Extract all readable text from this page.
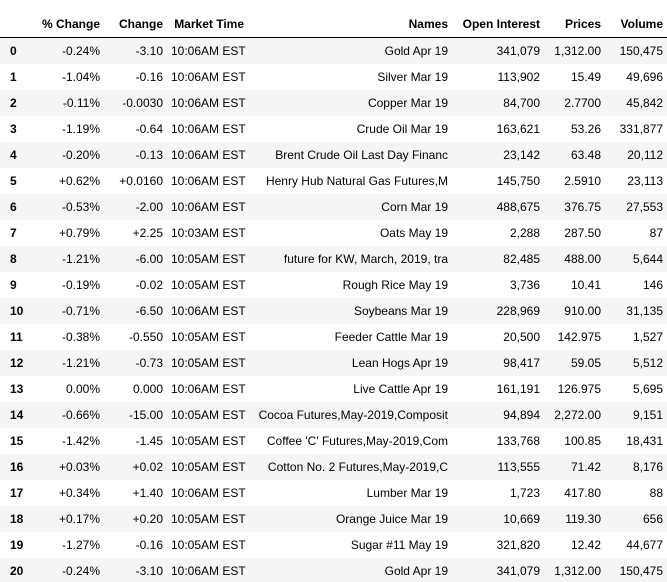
	% Change	Change	Market Time	Names	Open Interest	Prices	Volume
0	-0.24%	-3.10	10:06AM EST	Gold Apr 19	341,079	1,312.00	150,475
1	-1.04%	-0.16	10:06AM EST	Silver Mar 19	113,902	15.49	49,696
2	-0.11%	-0.0030	10:06AM EST	Copper Mar 19	84,700	2.7700	45,842
3	-1.19%	-0.64	10:06AM EST	Crude Oil Mar 19	163,621	53.26	331,877
4	-0.20%	-0.13	10:06AM EST	Brent Crude Oil Last Day Financ	23,142	63.48	20,112
5	+0.62%	+0.0160	10:06AM EST	Henry Hub Natural Gas Futures,M	145,750	2.5910	23,113
6	-0.53%	-2.00	10:06AM EST	Corn Mar 19	488,675	376.75	27,553
7	+0.79%	+2.25	10:03AM EST	Oats May 19	2,288	287.50	87
8	-1.21%	-6.00	10:05AM EST	future for KW, March, 2019, tra	82,485	488.00	5,644
9	-0.19%	-0.02	10:05AM EST	Rough Rice May 19	3,736	10.41	146
10	-0.71%	-6.50	10:06AM EST	Soybeans Mar 19	228,969	910.00	31,135
11	-0.38%	-0.550	10:05AM EST	Feeder Cattle Mar 19	20,500	142.975	1,527
12	-1.21%	-0.73	10:05AM EST	Lean Hogs Apr 19	98,417	59.05	5,512
13	0.00%	0.000	10:06AM EST	Live Cattle Apr 19	161,191	126.975	5,695
14	-0.66%	-15.00	10:05AM EST	Cocoa Futures,May-2019,Composit	94,894	2,272.00	9,151
15	-1.42%	-1.45	10:05AM EST	Coffee 'C' Futures,May-2019,Com	133,768	100.85	18,431
16	+0.03%	+0.02	10:05AM EST	Cotton No. 2 Futures,May-2019,C	113,555	71.42	8,176
17	+0.34%	+1.40	10:06AM EST	Lumber Mar 19	1,723	417.80	88
18	+0.17%	+0.20	10:05AM EST	Orange Juice Mar 19	10,669	119.30	656
19	-1.27%	-0.16	10:05AM EST	Sugar #11 May 19	321,820	12.42	44,677
20	-0.24%	-3.10	10:06AM EST	Gold Apr 19	341,079	1,312.00	150,475
